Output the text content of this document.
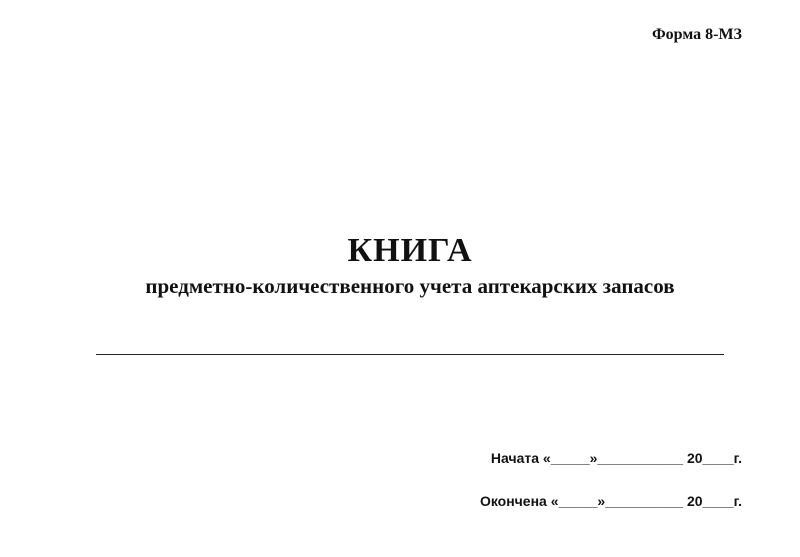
Форма 8-МЗ
КНИГА
предметно-количественного учета аптекарских запасов
Начата «_____»___________ 20____г.
Окончена «_____»__________ 20____г.
